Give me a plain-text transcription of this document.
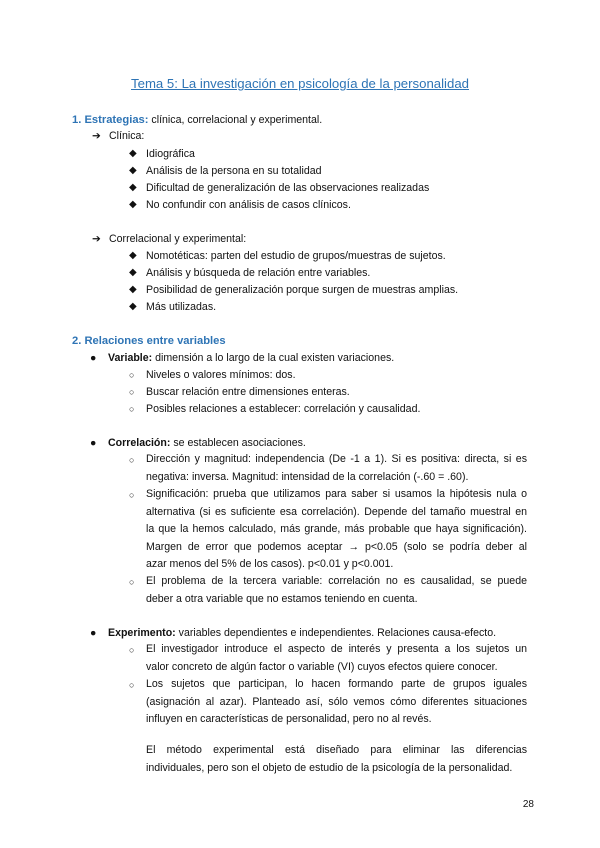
Tema 5: La investigación en psicología de la personalidad
1. Estrategias: clínica, correlacional y experimental.
➔ Clínica:
◆ Idiográfica
◆ Análisis de la persona en su totalidad
◆ Dificultad de generalización de las observaciones realizadas
◆ No confundir con análisis de casos clínicos.
➔ Correlacional y experimental:
◆ Nomotéticas: parten del estudio de grupos/muestras de sujetos.
◆ Análisis y búsqueda de relación entre variables.
◆ Posibilidad de generalización porque surgen de muestras amplias.
◆ Más utilizadas.
2. Relaciones entre variables
● Variable: dimensión a lo largo de la cual existen variaciones.
○ Niveles o valores mínimos: dos.
○ Buscar relación entre dimensiones enteras.
○ Posibles relaciones a establecer: correlación y causalidad.
● Correlación: se establecen asociaciones.
○ Dirección y magnitud: independencia (De -1 a 1). Si es positiva: directa, si es
negativa: inversa. Magnitud: intensidad de la correlación (-.60 = .60).
○ Significación: prueba que utilizamos para saber si usamos la hipótesis nula o
alternativa (si es suficiente esa correlación). Depende del tamaño muestral en
la que la hemos calculado, más grande, más probable que haya significación).
Margen de error que podemos aceptar → p<0.05 (solo se podría deber al
azar menos del 5% de los casos). p<0.01 y p<0.001.
○ El problema de la tercera variable: correlación no es causalidad, se puede
deber a otra variable que no estamos teniendo en cuenta.
● Experimento: variables dependientes e independientes. Relaciones causa-efecto.
○ El investigador introduce el aspecto de interés y presenta a los sujetos un
valor concreto de algún factor o variable (VI) cuyos efectos quiere conocer.
○ Los sujetos que participan, lo hacen formando parte de grupos iguales
(asignación al azar). Planteado así, sólo vemos cómo diferentes situaciones
influyen en características de personalidad, pero no al revés.
El método experimental está diseñado para eliminar las diferencias
individuales, pero son el objeto de estudio de la psicología de la personalidad.
28
